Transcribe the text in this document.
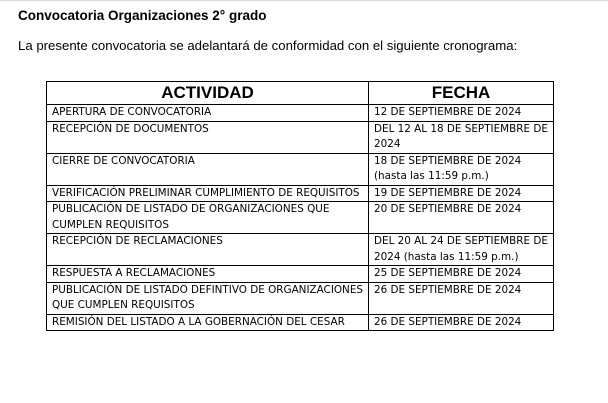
Convocatoria Organizaciones 2° grado
La presente convocatoria se adelantará de conformidad con el siguiente cronograma:
ACTIVIDAD	FECHA
APERTURA DE CONVOCATORIA	12 DE SEPTIEMBRE DE 2024
RECEPCIÓN DE DOCUMENTOS	DEL 12 AL 18 DE SEPTIEMBRE DE 2024
CIERRE DE CONVOCATORIA	18 DE SEPTIEMBRE DE 2024 (hasta las 11:59 p.m.)
VERIFICACIÓN PRELIMINAR CUMPLIMIENTO DE REQUISITOS	19 DE SEPTIEMBRE DE 2024
PUBLICACIÓN DE LISTADO DE ORGANIZACIONES QUE CUMPLEN REQUISITOS	20 DE SEPTIEMBRE DE 2024
RECEPCIÓN DE RECLAMACIONES	DEL 20 AL 24 DE SEPTIEMBRE DE 2024 (hasta las 11:59 p.m.)
RESPUESTA A RECLAMACIONES	25 DE SEPTIEMBRE DE 2024
PUBLICACIÓN DE LISTADO DEFINTIVO DE ORGANIZACIONES QUE CUMPLEN REQUISITOS	26 DE SEPTIEMBRE DE 2024
REMISIÓN DEL LISTADO A LA GOBERNACIÓN DEL CESAR	26 DE SEPTIEMBRE DE 2024
